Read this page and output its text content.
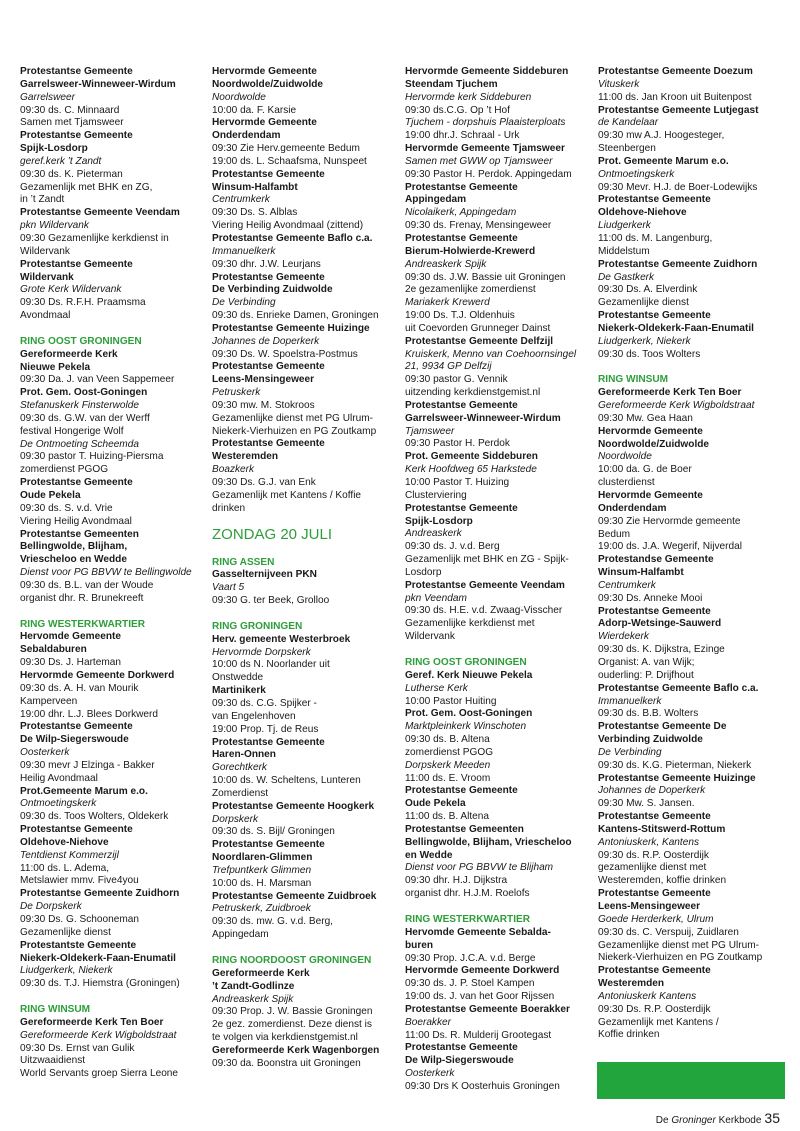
Protestantse Gemeente
Garrelsweer-Winneweer-Wirdum
Garrelsweer
09:30 ds. C. Minnaard
Samen met Tjamsweer
Protestantse Gemeente
Spijk-Losdorp
geref.kerk ’t Zandt
09:30 ds. K. Pieterman
Gezamenlijk met BHK en ZG,
in ’t Zandt
Protestantse Gemeente Veendam
pkn Wildervank
09:30 Gezamenlijke kerkdienst in
Wildervank
Protestantse Gemeente
Wildervank
Grote Kerk Wildervank
09:30 Ds. R.F.H. Praamsma
Avondmaal
RING OOST GRONINGEN
Gereformeerde Kerk
Nieuwe Pekela
09:30 Da. J. van Veen Sappemeer
Prot. Gem. Oost-Goningen
Stefanuskerk Finsterwolde
09:30 ds. G.W. van der Werff
festival Hongerige Wolf
De Ontmoeting Scheemda
09:30 pastor T. Huizing-Piersma
zomerdienst PGOG
Protestantse Gemeente
Oude Pekela
09:30 ds. S. v.d. Vrie
Viering Heilig Avondmaal
Protestantse Gemeenten
Bellingwolde, Blijham,
Vriescheloo en Wedde
Dienst voor PG BBVW te Bellingwolde
09:30 ds. B.L. van der Woude
organist dhr. R. Brunekreeft
RING WESTERKWARTIER
Hervomde Gemeente
Sebaldaburen
09:30 Ds. J. Harteman
Hervormde Gemeente Dorkwerd
09:30 ds. A. H. van Mourik
Kamperveen
19:00 dhr. L.J. Blees Dorkwerd
Protestantse Gemeente
De Wilp-Siegerswoude
Oosterkerk
09:30 mevr J Elzinga - Bakker
Heilig Avondmaal
Prot.Gemeente Marum e.o.
Ontmoetingskerk
09:30 ds. Toos Wolters, Oldekerk
Protestantse Gemeente
Oldehove-Niehove
Tentdienst Kommerzijl
11:00 ds. L. Adema,
Metslawier mmv. Five4you
Protestantse Gemeente Zuidhorn
De Dorpskerk
09:30 Ds. G. Schooneman
Gezamenlijke dienst
Protestantste Gemeente
Niekerk-Oldekerk-Faan-Enumatil
Liudgerkerk, Niekerk
09:30 ds. T.J. Hiemstra (Groningen)
RING WINSUM
Gereformeerde Kerk Ten Boer
Gereformeerde Kerk Wigboldstraat
09:30 Ds. Ernst van Gulik
Uitzwaaidienst
World Servants groep Sierra Leone
Hervormde Gemeente
Noordwolde/Zuidwolde
Noordwolde
10:00 da. F. Karsie
Hervormde Gemeente
Onderdendam
09:30 Zie Herv.gemeente Bedum
19:00 ds. L. Schaafsma, Nunspeet
Protestantse Gemeente
Winsum-Halfambt
Centrumkerk
09:30 Ds. S. Alblas
Viering Heilig Avondmaal (zittend)
Protestantse Gemeente Baflo c.a.
Immanuelkerk
09:30 dhr. J.W. Leurjans
Protestantse Gemeente
De Verbinding Zuidwolde
De Verbinding
09:30 ds. Enrieke Damen, Groningen
Protestantse Gemeente Huizinge
Johannes de Doperkerk
09:30 Ds. W. Spoelstra-Postmus
Protestantse Gemeente
Leens-Mensingeweer
Petruskerk
09:30 mw. M. Stokroos
Gezamenlijke dienst met PG Ulrum-
Niekerk-Vierhuizen en PG Zoutkamp
Protestantse Gemeente
Westeremden
Boazkerk
09:30 Ds. G.J. van Enk
Gezamenlijk met Kantens / Koffie
drinken
ZONDAG 20 JULI
RING ASSEN
Gasselternijveen PKN
Vaart 5
09:30 G. ter Beek, Grolloo
RING GRONINGEN
Herv. gemeente Westerbroek
Hervormde Dorpskerk
10:00 ds N. Noorlander uit
Onstwedde
Martinikerk
09:30 ds. C.G. Spijker -
van Engelenhoven
19:00 Prop. Tj. de Reus
Protestantse Gemeente
Haren-Onnen
Gorechtkerk
10:00 ds. W. Scheltens, Lunteren
Zomerdienst
Protestantse Gemeente Hoogkerk
Dorpskerk
09:30 ds. S. Bijl/ Groningen
Protestantse Gemeente
Noordlaren-Glimmen
Trefpuntkerk Glimmen
10:00 ds. H. Marsman
Protestantse Gemeente Zuidbroek
Petruskerk, Zuidbroek
09:30 ds. mw. G. v.d. Berg,
Appingedam
RING NOORDOOST GRONINGEN
Gereformeerde Kerk
’t Zandt-Godlinze
Andreaskerk Spijk
09:30 Prop. J. W. Bassie Groningen
2e gez. zomerdienst. Deze dienst is
te volgen via kerkdienstgemist.nl
Gereformeerde Kerk Wagenborgen
09:30 da. Boonstra uit Groningen
Hervormde Gemeente Siddeburen
Steendam Tjuchem
Hervormde kerk Siddeburen
09:30 ds.C.G. Op ’t Hof
Tjuchem - dorpshuis Plaaisterploats
19:00 dhr.J. Schraal - Urk
Hervormde Gemeente Tjamsweer
Samen met GWW op Tjamsweer
09:30 Pastor H. Perdok. Appingedam
Protestantse Gemeente
Appingedam
Nicolaikerk, Appingedam
09:30 ds. Frenay, Mensingeweer
Protestantse Gemeente
Bierum-Holwierde-Krewerd
Andreaskerk Spijk
09:30 ds. J.W. Bassie uit Groningen
2e gezamenlijke zomerdienst
Mariakerk Krewerd
19:00 Ds. T.J. Oldenhuis
uit Coevorden Grunneger Dainst
Protestantse Gemeente Delfzijl
Kruiskerk, Menno van Coehoornsingel
21, 9934 GP Delfzij
09:30 pastor G. Vennik
uitzending kerkdienstgemist.nl
Protestantse Gemeente
Garrelsweer-Winneweer-Wirdum
Tjamsweer
09:30 Pastor H. Perdok
Prot. Gemeente Siddeburen
Kerk Hoofdweg 65 Harkstede
10:00 Pastor T. Huizing
Clusterviering
Protestantse Gemeente
Spijk-Losdorp
Andreaskerk
09:30 ds. J. v.d. Berg
Gezamenlijk met BHK en ZG - Spijk-
Losdorp
Protestantse Gemeente Veendam
pkn Veendam
09:30 ds. H.E. v.d. Zwaag-Visscher
Gezamenlijke kerkdienst met
Wildervank
RING OOST GRONINGEN
Geref. Kerk Nieuwe Pekela
Lutherse Kerk
10:00 Pastor Huiting
Prot. Gem. Oost-Goningen
Marktpleinkerk Winschoten
09:30 ds. B. Altena
zomerdienst PGOG
Dorpskerk Meeden
11:00 ds. E. Vroom
Protestantse Gemeente
Oude Pekela
11:00 ds. B. Altena
Protestantse Gemeenten
Bellingwolde, Blijham, Vriescheloo
en Wedde
Dienst voor PG BBVW te Blijham
09:30 dhr. H.J. Dijkstra
organist dhr. H.J.M. Roelofs
RING WESTERKWARTIER
Hervomde Gemeente Sebalda-
buren
09:30 Prop. J.C.A. v.d. Berge
Hervormde Gemeente Dorkwerd
09:30 ds. J. P. Stoel Kampen
19:00 ds. J. van het Goor Rijssen
Protestantse Gemeente Boerakker
Boerakker
11:00 Ds. R. Mulderij Grootegast
Protestantse Gemeente
De Wilp-Siegerswoude
Oosterkerk
09:30 Drs K Oosterhuis Groningen
Protestantse Gemeente Doezum
Vituskerk
11:00 ds. Jan Kroon uit Buitenpost
Protestantse Gemeente Lutjegast
de Kandelaar
09:30 mw A.J. Hoogesteger,
Steenbergen
Prot. Gemeente Marum e.o.
Ontmoetingskerk
09:30 Mevr. H.J. de Boer-Lodewijks
Protestantse Gemeente
Oldehove-Niehove
Liudgerkerk
11:00 ds. M. Langenburg,
Middelstum
Protestantse Gemeente Zuidhorn
De Gastkerk
09:30 Ds. A. Elverdink
Gezamenlijke dienst
Protestantse Gemeente
Niekerk-Oldekerk-Faan-Enumatil
Liudgerkerk, Niekerk
09:30 ds. Toos Wolters
RING WINSUM
Gereformeerde Kerk Ten Boer
Gereformeerde Kerk Wigboldstraat
09:30 Mw. Gea Haan
Hervormde Gemeente
Noordwolde/Zuidwolde
Noordwolde
10:00 da. G. de Boer
clusterdienst
Hervormde Gemeente
Onderdendam
09:30 Zie Hervormde gemeente
Bedum
19:00 ds. J.A. Wegerif, Nijverdal
Protestandse Gemeente
Winsum-Halfambt
Centrumkerk
09:30 Ds. Anneke Mooi
Protestantse Gemeente
Adorp-Wetsinge-Sauwerd
Wierdekerk
09:30 ds. K. Dijkstra, Ezinge
Organist: A. van Wijk;
ouderling: P. Drijfhout
Protestantse Gemeente Baflo c.a.
Immanuelkerk
09:30 ds. B.B. Wolters
Protestantse Gemeente De
Verbinding Zuidwolde
De Verbinding
09:30 ds. K.G. Pieterman, Niekerk
Protestantse Gemeente Huizinge
Johannes de Doperkerk
09:30 Mw. S. Jansen.
Protestantse Gemeente
Kantens-Stitswerd-Rottum
Antoniuskerk, Kantens
09:30 ds. R.P. Oosterdijk
gezamenlijke dienst met
Westeremden, koffie drinken
Protestantse Gemeente
Leens-Mensingeweer
Goede Herderkerk, Ulrum
09:30 ds. C. Verspuij, Zuidlaren
Gezamenlijke dienst met PG Ulrum-
Niekerk-Vierhuizen en PG Zoutkamp
Protestantse Gemeente
Westeremden
Antoniuskerk Kantens
09:30 Ds. R.P. Oosterdijk
Gezamenlijk met Kantens /
Koffie drinken
De Groninger Kerkbode 35
